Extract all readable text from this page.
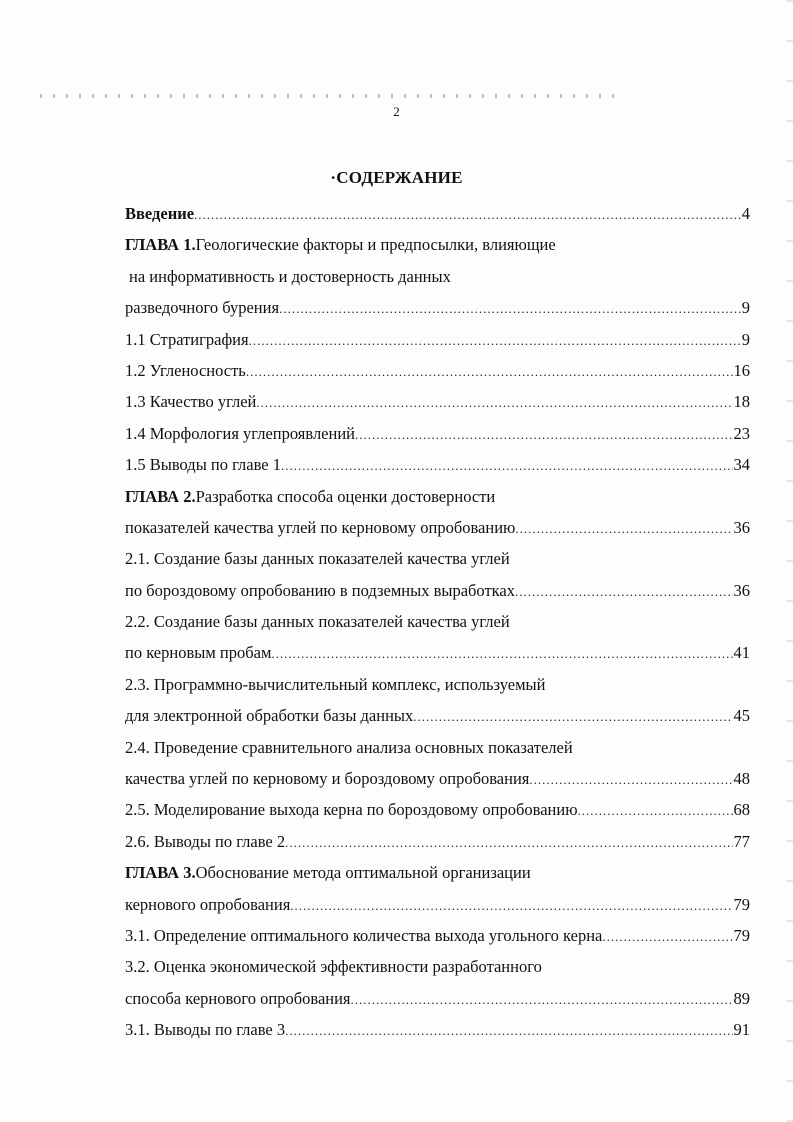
2
·СОДЕРЖАНИЕ
Введение .....	4
ГЛАВА 1. Геологические факторы и предпосылки, влияющие
на информативность и достоверность данных
разведочного бурения .....	9
1.1 Стратиграфия .....	9
1.2 Угленосность .....	16
1.3 Качество углей .....	18
1.4 Морфология углепроявлений .....	23
1.5 Выводы по главе 1 .....	34
ГЛАВА 2. Разработка способа оценки достоверности
показателей качества углей по керновому опробованию .....	36
2.1. Создание базы данных показателей качества углей
по бороздовому опробованию в подземных выработках .....	36
2.2. Создание базы данных показателей качества углей
по керновым пробам .....	41
2.3. Программно-вычислительный комплекс, используемый
для электронной обработки базы данных .....	45
2.4. Проведение сравнительного анализа основных показателей
качества углей по керновому и бороздовому опробования .....	48
2.5. Моделирование выхода керна по бороздовому опробованию .....	68
2.6. Выводы по главе 2 .....	77
ГЛАВА 3. Обоснование метода оптимальной организации
кернового опробования .....	79
3.1. Определение оптимального количества выхода угольного керна .....	79
3.2. Оценка экономической эффективности разработанного
способа кернового опробования .....	89
3.1. Выводы по главе 3 .....	91
